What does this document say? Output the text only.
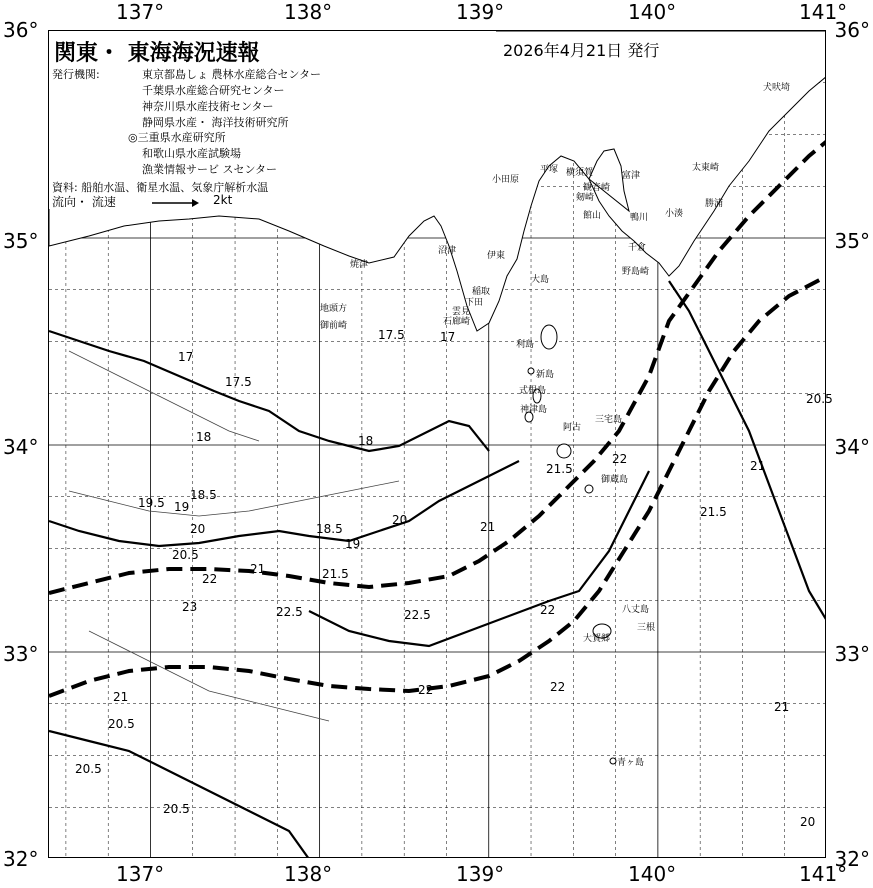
36°
35°
34°
33°
32°
36°
35°
34°
33°
32°
137°	138°	139°	140°	141°
137°	138°	139°	140°	141°
関東・ 東海海況速報	2026年4月21日 発行
発行機関:	東京都島しょ 農林水産総合センター
千葉県水産総合研究センター
神奈川県水産技術センター
静岡県水産・ 海洋技術研究所
◎三重県水産研究所
和歌山県水産試験場
漁業情報サービ スセンター
資料: 船舶水温、衛星水温、気象庁解析水温
流向・ 流速	2kt
犬吠埼
太東崎
勝浦
小湊
鴨川
千倉
野島崎
館山
富津
観音崎
剱崎
横須賀
平塚
小田原
焼津
沼津	伊東
稲取
下田
雲見
石廊崎
地頭方
御前崎
大島
利島
新島
式根島
神津島
三宅島
御蔵島
八丈島
三根
大賀郷
阿古
青ヶ島
17
17.5
18
18.5
19
19.5
20
20.5
21	21.5
22
22.5
23
17
17.5
18
18.5
19
20	21
21.5
22
22.5
20.5
21
22
21.5
22
22
20.5
20.5
21
20
20.5
21
